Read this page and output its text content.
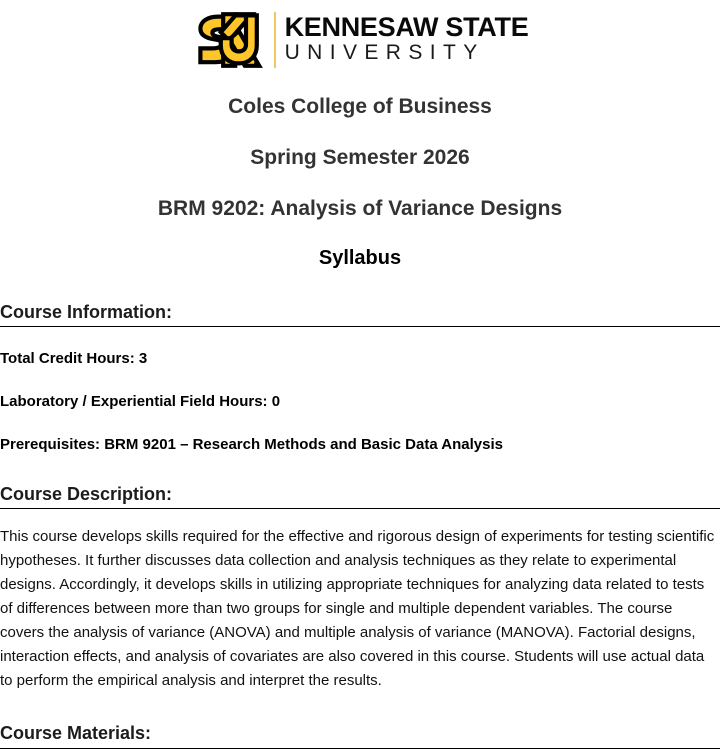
KENNESAW STATE
UNIVERSITY
Coles College of Business
Spring Semester 2026
BRM 9202: Analysis of Variance Designs
Syllabus
Course Information:

Total Credit Hours: 3

Laboratory / Experiential Field Hours: 0

Prerequisites: BRM 9201 – Research Methods and Basic Data Analysis

Course Description:

This course develops skills required for the effective and rigorous design of experiments for testing scientific hypotheses. It further discusses data collection and analysis techniques as they relate to experimental designs. Accordingly, it develops skills in utilizing appropriate techniques for analyzing data related to tests of differences between more than two groups for single and multiple dependent variables. The course covers the analysis of variance (ANOVA) and multiple analysis of variance (MANOVA). Factorial designs, interaction effects, and analysis of covariates are also covered in this course. Students will use actual data to perform the empirical analysis and interpret the results.

Course Materials:
